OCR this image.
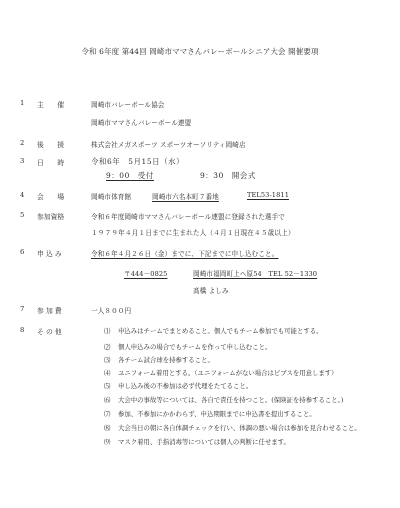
令和 6年度 第44回 岡崎市ママさんバレーボールシニア大会 開催要項
1 主　　催	岡崎市バレーボール協会
岡崎市ママさんバレーボール連盟
2 後　　援	株式会社メガスポーツ スポーツオーソリティ岡崎店
3 日　　時	令和6年　5月15日（水）
9：00　受付	9：30　開会式
4 会　　場	岡崎市体育館	岡崎市六名本町７番地	TEL53-1811
5 参加資格	令和６年度岡崎市ママさんバレーボール連盟に登録された選手で
１９７９年４月１日までに生まれた人（４月１日現在４５歳以上）
6 申 込 み	令和６年４月２６日（金）までに、下記までに申し込むこと。
〒444－0825	岡崎市福岡町上ヘ原54　TEL 52－1330
髙橋 よしみ
7 参 加 費	一人８００円
8 そ の 他	⑴ 申込みはチームでまとめること。個人でもチーム参加でも可能とする。
⑵ 個人申込みの場合でもチームを作って申し込むこと。
⑶ 各チーム試合球を持参すること。
⑷ ユニフォーム着用とする。（ユニフォームがない場合はビブスを用意します）
⑸ 申し込み後の不参加は必ず代理をたてること。
⑹ 大会中の事故等については、各自で責任を持つこと。(保険証を持参すること。)
⑺ 参加、不参加にかかわらず、申込期限までに申込書を提出すること。
⑻ 大会当日の朝に各自体調チェックを行い、体調の悪い場合は参加を見合わせること。
⑼ マスク着用、手指消毒等については個人の判断に任せます。
